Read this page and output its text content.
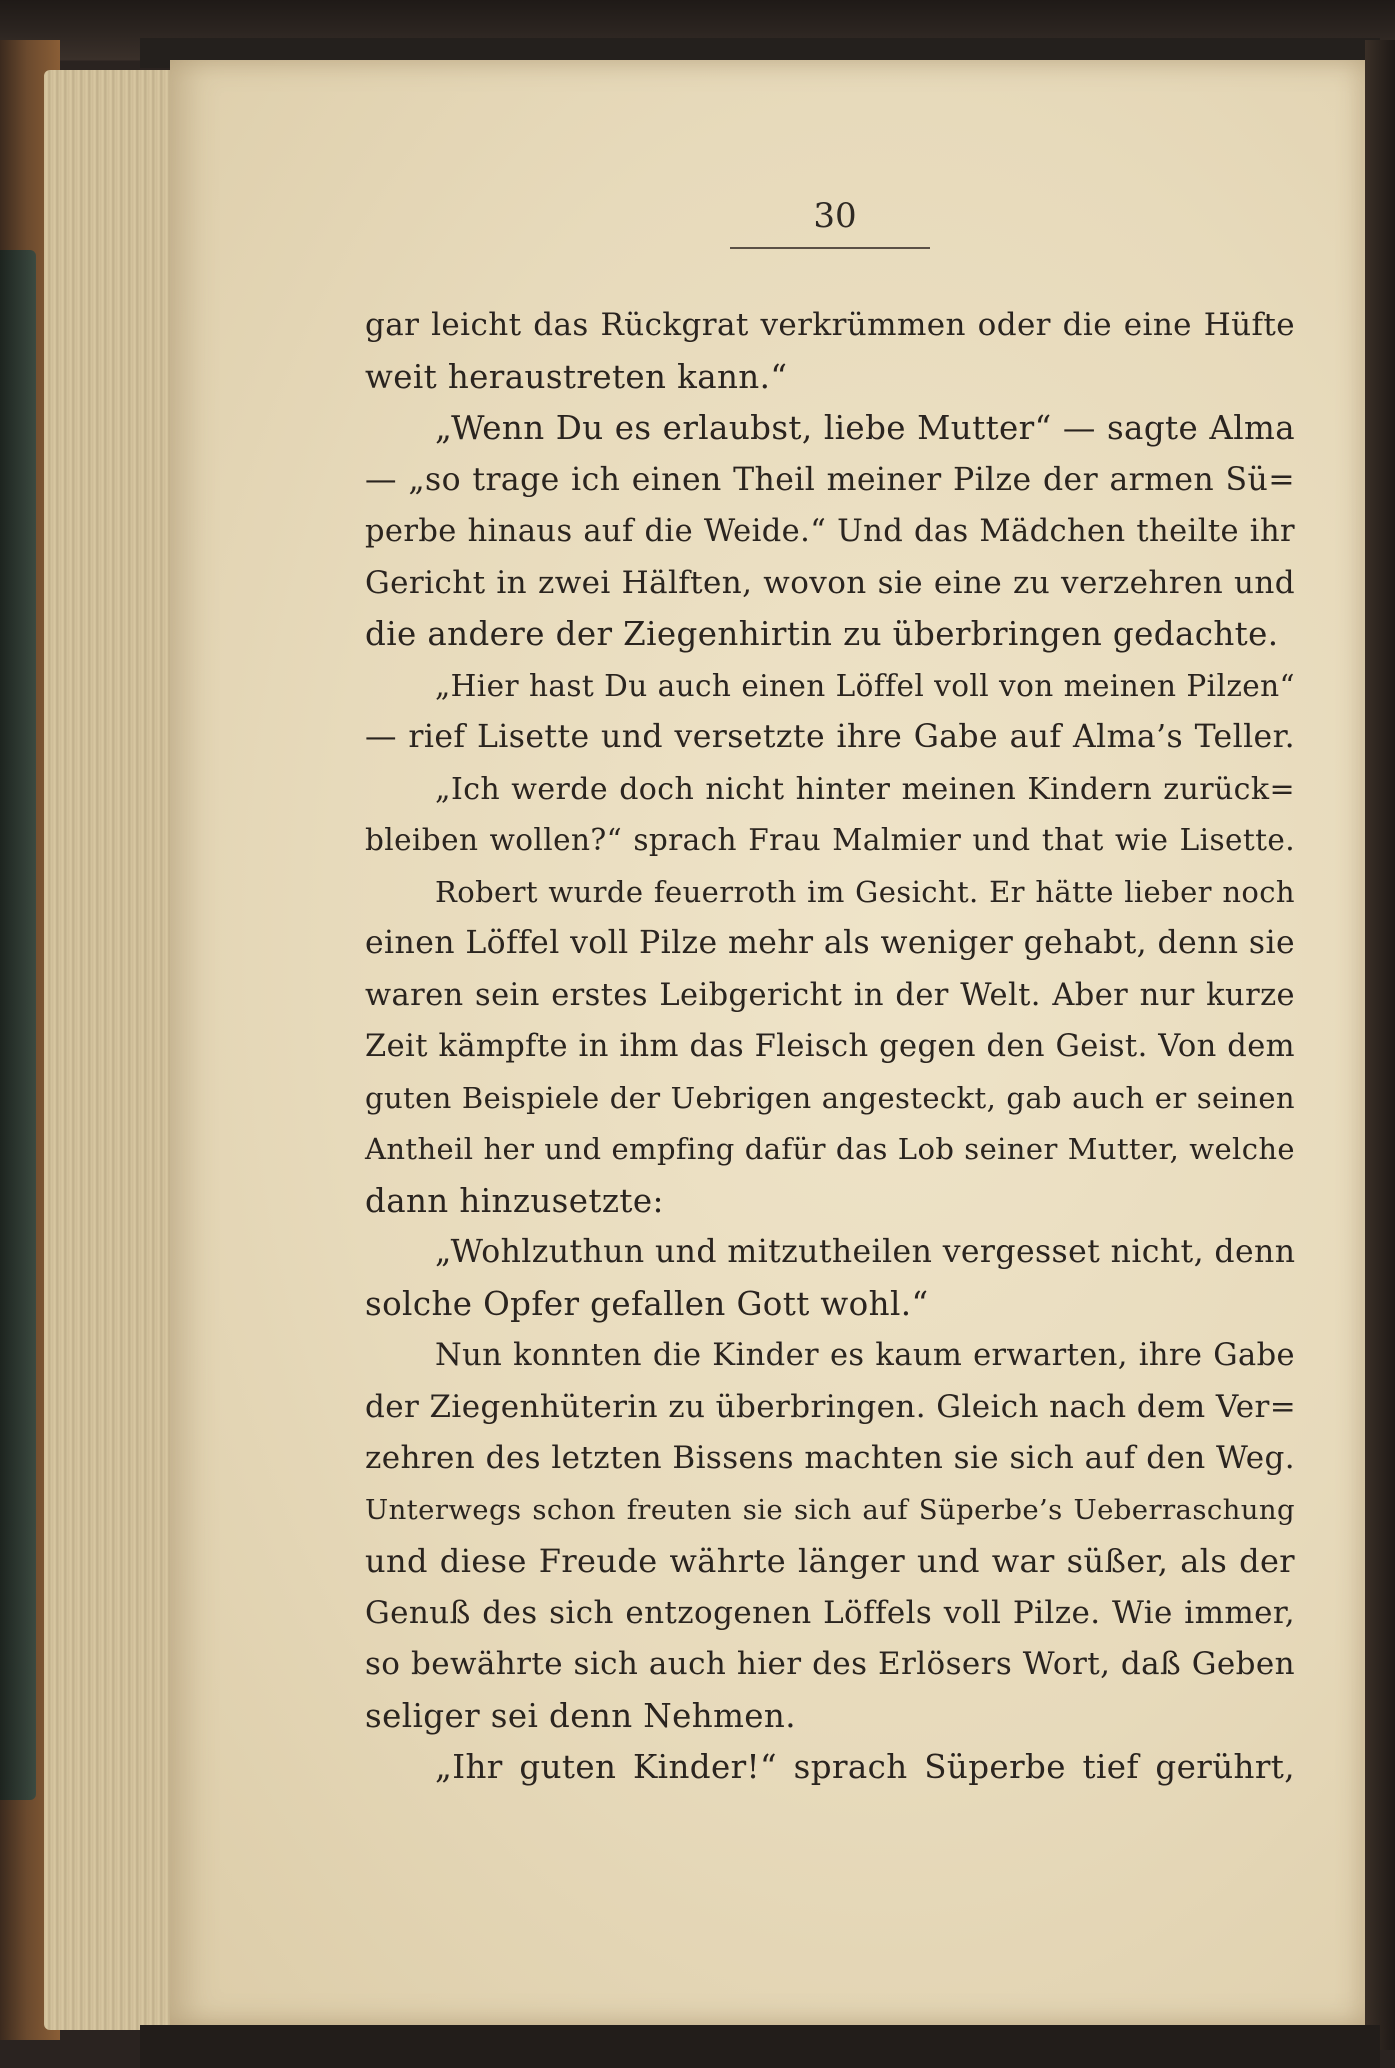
30
gar leicht das Rückgrat verkrümmen oder die eine Hüfte
weit heraustreten kann.“
„Wenn Du es erlaubst, liebe Mutter“ — sagte Alma
— „so trage ich einen Theil meiner Pilze der armen Sü=
perbe hinaus auf die Weide.“ Und das Mädchen theilte ihr
Gericht in zwei Hälften, wovon sie eine zu verzehren und
die andere der Ziegenhirtin zu überbringen gedachte.
„Hier hast Du auch einen Löffel voll von meinen Pilzen“
— rief Lisette und versetzte ihre Gabe auf Alma’s Teller.
„Ich werde doch nicht hinter meinen Kindern zurück=
bleiben wollen?“ sprach Frau Malmier und that wie Lisette.
Robert wurde feuerroth im Gesicht. Er hätte lieber noch
einen Löffel voll Pilze mehr als weniger gehabt, denn sie
waren sein erstes Leibgericht in der Welt. Aber nur kurze
Zeit kämpfte in ihm das Fleisch gegen den Geist. Von dem
guten Beispiele der Uebrigen angesteckt, gab auch er seinen
Antheil her und empfing dafür das Lob seiner Mutter, welche
dann hinzusetzte:
„Wohlzuthun und mitzutheilen vergesset nicht, denn
solche Opfer gefallen Gott wohl.“
Nun konnten die Kinder es kaum erwarten, ihre Gabe
der Ziegenhüterin zu überbringen. Gleich nach dem Ver=
zehren des letzten Bissens machten sie sich auf den Weg.
Unterwegs schon freuten sie sich auf Süperbe’s Ueberraschung
und diese Freude währte länger und war süßer, als der
Genuß des sich entzogenen Löffels voll Pilze. Wie immer,
so bewährte sich auch hier des Erlösers Wort, daß Geben
seliger sei denn Nehmen.
„Ihr guten Kinder!“ sprach Süperbe tief gerührt,
